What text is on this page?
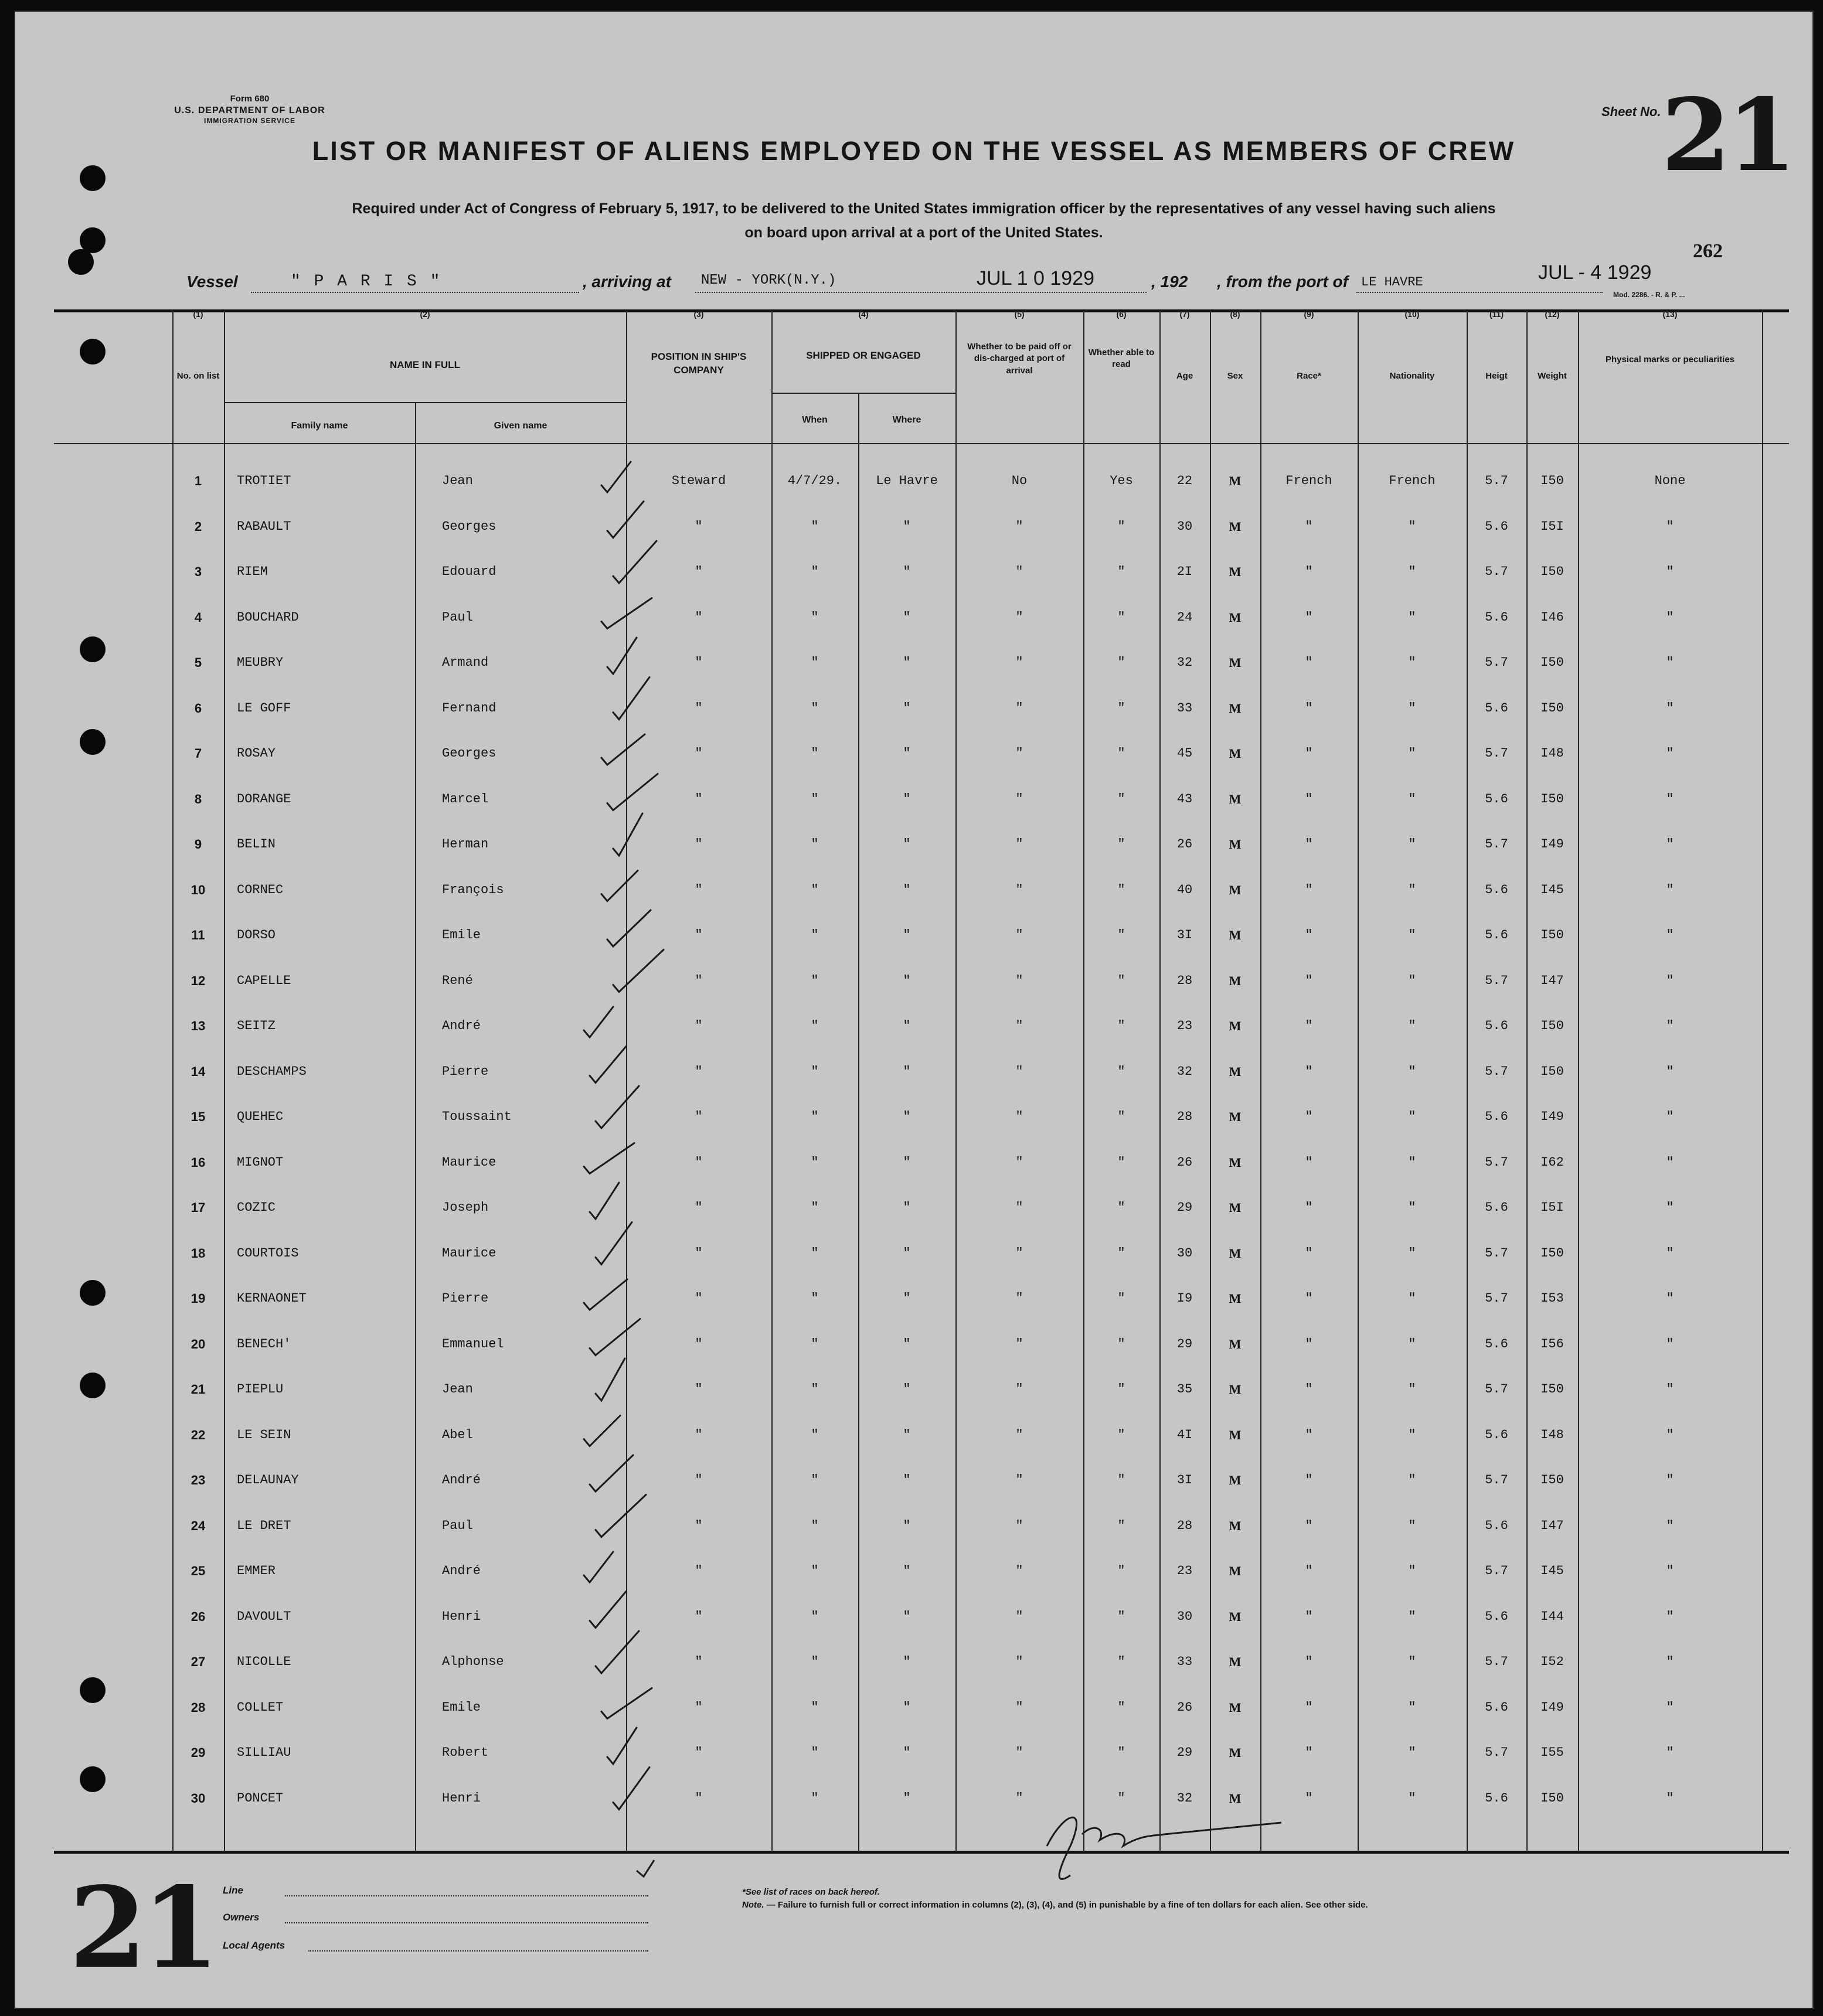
Form 680
U.S. DEPARTMENT OF LABOR
IMMIGRATION SERVICE
Sheet No. 21
262
LIST OR MANIFEST OF ALIENS EMPLOYED ON THE VESSEL AS MEMBERS OF CREW
Required under Act of Congress of February 5, 1917, to be delivered to the United States immigration officer by the representatives of any vessel having such aliens
on board upon arrival at a port of the United States.
Vessel	" P A R I S "	, arriving at NEW - YORK(N.Y.)	JUL 1 0 1929	, 192 , from the port of LE HAVRE	JUL - 4 1929
Mod. 2286. - R. & P. ...
(1)	(2)	(3)	(4)	(5)	(6)	(7)	(8)	(9)	(10)	(11)	(12)	(13)
No. on list
NAME IN FULL
Family name	Given name
POSITION IN SHIP'S COMPANY
SHIPPED OR ENGAGED
When	Where
Whether to be paid off or dis-charged at port of arrival
Whether able to read
Age	Sex	Race*	Nationality	Heigt	Weight
Physical marks or peculiarities
1	TROTIET	Jean	Steward	4/7/29.	Le Havre	No	Yes	22	M	French	French	5.7	I50	None
2	RABAULT	Georges	"	"	"	"	"	30	M	"	"	5.6	I5I	"
3	RIEM	Edouard	"	"	"	"	"	2I	M	"	"	5.7	I50	"
4	BOUCHARD	Paul	"	"	"	"	"	24	M	"	"	5.6	I46	"
5	MEUBRY	Armand	"	"	"	"	"	32	M	"	"	5.7	I50	"
6	LE GOFF	Fernand	"	"	"	"	"	33	M	"	"	5.6	I50	"
7	ROSAY	Georges	"	"	"	"	"	45	M	"	"	5.7	I48	"
8	DORANGE	Marcel	"	"	"	"	"	43	M	"	"	5.6	I50	"
9	BELIN	Herman	"	"	"	"	"	26	M	"	"	5.7	I49	"
10	CORNEC	François	"	"	"	"	"	40	M	"	"	5.6	I45	"
11	DORSO	Emile	"	"	"	"	"	3I	M	"	"	5.6	I50	"
12	CAPELLE	René	"	"	"	"	"	28	M	"	"	5.7	I47	"
13	SEITZ	André	"	"	"	"	"	23	M	"	"	5.6	I50	"
14	DESCHAMPS	Pierre	"	"	"	"	"	32	M	"	"	5.7	I50	"
15	QUEHEC	Toussaint	"	"	"	"	"	28	M	"	"	5.6	I49	"
16	MIGNOT	Maurice	"	"	"	"	"	26	M	"	"	5.7	I62	"
17	COZIC	Joseph	"	"	"	"	"	29	M	"	"	5.6	I5I	"
18	COURTOIS	Maurice	"	"	"	"	"	30	M	"	"	5.7	I50	"
19	KERNAONET	Pierre	"	"	"	"	"	I9	M	"	"	5.7	I53	"
20	BENECH'	Emmanuel	"	"	"	"	"	29	M	"	"	5.6	I56	"
21	PIEPLU	Jean	"	"	"	"	"	35	M	"	"	5.7	I50	"
22	LE SEIN	Abel	"	"	"	"	"	4I	M	"	"	5.6	I48	"
23	DELAUNAY	André	"	"	"	"	"	3I	M	"	"	5.7	I50	"
24	LE DRET	Paul	"	"	"	"	"	28	M	"	"	5.6	I47	"
25	EMMER	André	"	"	"	"	"	23	M	"	"	5.7	I45	"
26	DAVOULT	Henri	"	"	"	"	"	30	M	"	"	5.6	I44	"
27	NICOLLE	Alphonse	"	"	"	"	"	33	M	"	"	5.7	I52	"
28	COLLET	Emile	"	"	"	"	"	26	M	"	"	5.6	I49	"
29	SILLIAU	Robert	"	"	"	"	"	29	M	"	"	5.7	I55	"
30	PONCET	Henri	"	"	"	"	"	32	M	"	"	5.6	I50	"
21 Line
Owners
Local Agents
*See list of races on back hereof.
Note. — Failure to furnish full or correct information in columns (2), (3), (4), and (5) in punishable by a fine of ten dollars for each alien. See other side.
